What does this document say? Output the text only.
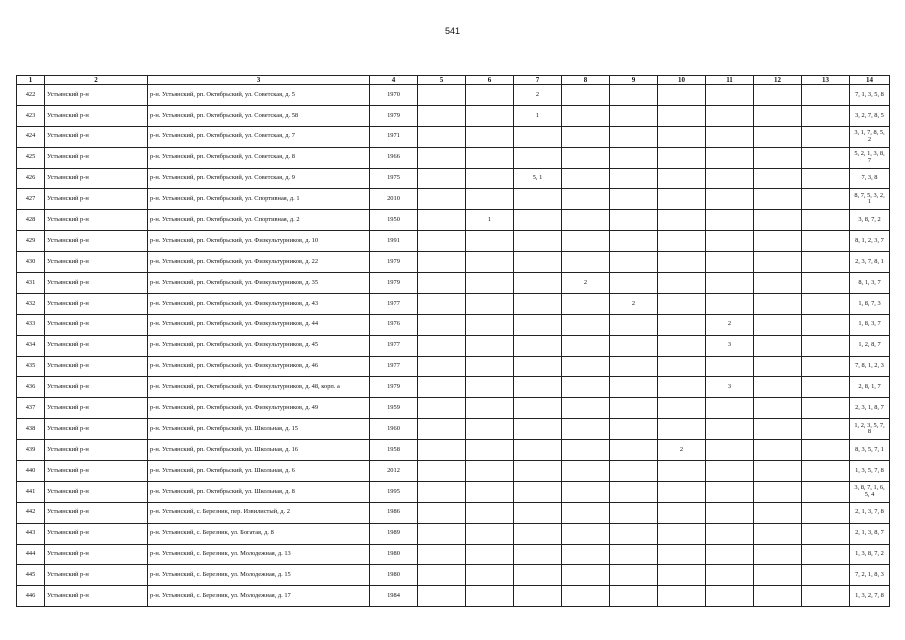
541
1	2	3	4	5	6	7	8	9	10	11	12	13	14
422	Устьянский р-н	р-н. Устьянский, рп. Октябрьский, ул. Советская, д. 5	1970			2							7, 1, 3, 5, 8
423	Устьянский р-н	р-н. Устьянский, рп. Октябрьский, ул. Советская, д. 58	1979			1							3, 2, 7, 8, 5
424	Устьянский р-н	р-н. Устьянский, рп. Октябрьский, ул. Советская, д. 7	1971										3, 1, 7, 8, 5, 2
425	Устьянский р-н	р-н. Устьянский, рп. Октябрьский, ул. Советская, д. 8	1966										5, 2, 1, 3, 8, 7
426	Устьянский р-н	р-н. Устьянский, рп. Октябрьский, ул. Советская, д. 9	1975			5, 1							7, 3, 8
427	Устьянский р-н	р-н. Устьянский, рп. Октябрьский, ул. Спортивная, д. 1	2010										8, 7, 5, 3, 2, 1
428	Устьянский р-н	р-н. Устьянский, рп. Октябрьский, ул. Спортивная, д. 2	1950		1								3, 8, 7, 2
429	Устьянский р-н	р-н. Устьянский, рп. Октябрьский, ул. Физкультурников, д. 10	1991										8, 1, 2, 3, 7
430	Устьянский р-н	р-н. Устьянский, рп. Октябрьский, ул. Физкультурников, д. 22	1979										2, 3, 7, 8, 1
431	Устьянский р-н	р-н. Устьянский, рп. Октябрьский, ул. Физкультурников, д. 35	1979				2						8, 1, 3, 7
432	Устьянский р-н	р-н. Устьянский, рп. Октябрьский, ул. Физкультурников, д. 43	1977					2					1, 8, 7, 3
433	Устьянский р-н	р-н. Устьянский, рп. Октябрьский, ул. Физкультурников, д. 44	1976							2			1, 8, 3, 7
434	Устьянский р-н	р-н. Устьянский, рп. Октябрьский, ул. Физкультурников, д. 45	1977							3			1, 2, 8, 7
435	Устьянский р-н	р-н. Устьянский, рп. Октябрьский, ул. Физкультурников, д. 46	1977										7, 8, 1, 2, 3
436	Устьянский р-н	р-н. Устьянский, рп. Октябрьский, ул. Физкультурников, д. 48, корп. а	1979							3			2, 8, 1, 7
437	Устьянский р-н	р-н. Устьянский, рп. Октябрьский, ул. Физкультурников, д. 49	1959										2, 3, 1, 8, 7
438	Устьянский р-н	р-н. Устьянский, рп. Октябрьский, ул. Школьная, д. 15	1960										1, 2, 3, 5, 7, 8
439	Устьянский р-н	р-н. Устьянский, рп. Октябрьский, ул. Школьная, д. 16	1958						2				8, 3, 5, 7, 1
440	Устьянский р-н	р-н. Устьянский, рп. Октябрьский, ул. Школьная, д. 6	2012										1, 3, 5, 7, 8
441	Устьянский р-н	р-н. Устьянский, рп. Октябрьский, ул. Школьная, д. 8	1995										3, 8, 7, 1, 6, 5, 4
442	Устьянский р-н	р-н. Устьянский, с. Березник, пер. Извилистый, д. 2	1986										2, 1, 3, 7, 8
443	Устьянский р-н	р-н. Устьянский, с. Березник, ул. Богатая, д. 8	1989										2, 1, 3, 8, 7
444	Устьянский р-н	р-н. Устьянский, с. Березник, ул. Молодежная, д. 13	1980										1, 3, 8, 7, 2
445	Устьянский р-н	р-н. Устьянский, с. Березник, ул. Молодежная, д. 15	1980										7, 2, 1, 8, 3
446	Устьянский р-н	р-н. Устьянский, с. Березник, ул. Молодежная, д. 17	1984										1, 3, 2, 7, 8
